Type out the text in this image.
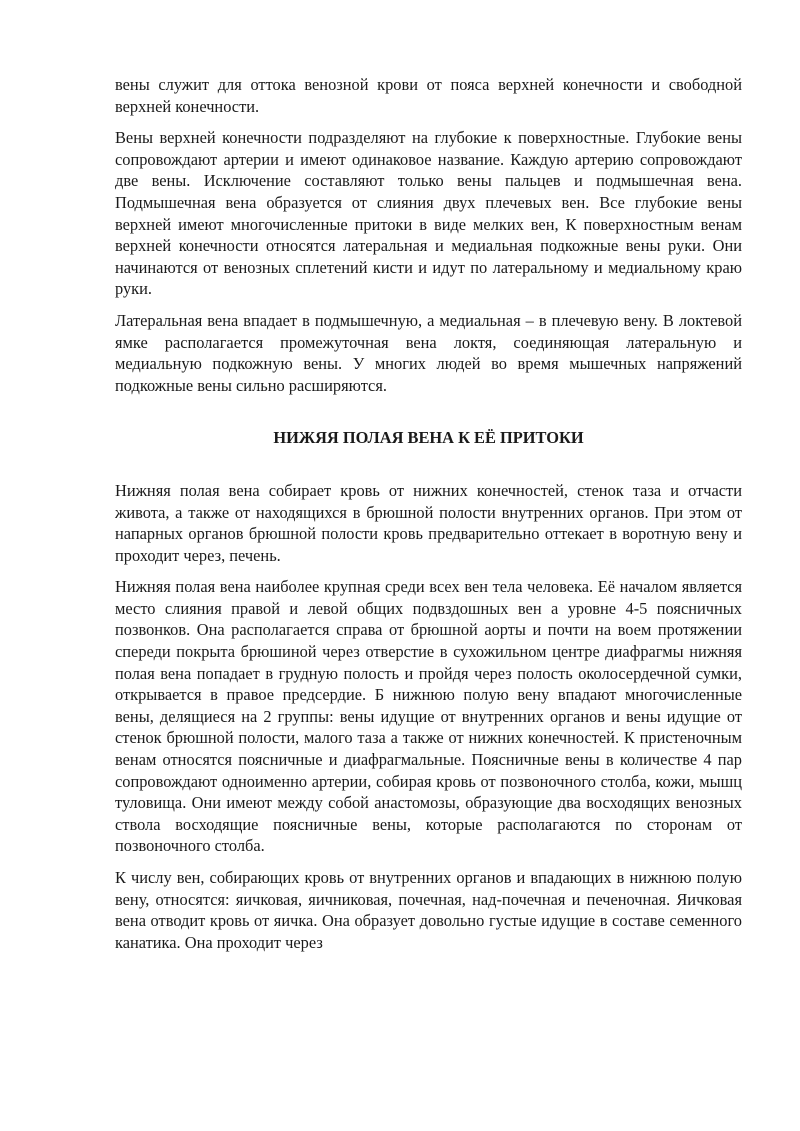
вены служит для оттока венозной крови от пояса верхней конечности и свободной верхней конечности.

Вены верхней конечности подразделяют на глубокие к поверхностные. Глубокие вены сопровождают артерии и имеют одинаковое название. Каждую артерию сопровождают две вены. Исключение составляют только вены пальцев и подмышечная вена. Подмышечная вена образуется от слияния двух плечевых вен. Все глубокие вены верхней имеют многочисленные притоки в виде мелких вен, К поверхностным венам верхней конечности относятся латеральная и медиальная подкожные вены руки. Они начинаются от венозных сплетений кисти и идут по латеральному и медиальному краю руки.

Латеральная вена впадает в подмышечную, а медиальная – в плечевую вену. В локтевой ямке располагается промежуточная вена локтя, соединяющая латеральную и медиальную подкожную вены. У многих людей во время мышечных напряжений подкожные вены сильно расширяются.

НИЖЯЯ ПОЛАЯ ВЕНА К ЕЁ ПРИТОКИ

Нижняя полая вена собирает кровь от нижних конечностей, стенок таза и отчасти живота, а также от находящихся в брюшной полости внутренних органов. При этом от напарных органов брюшной полости кровь предварительно оттекает в воротную вену и проходит через, печень.

Нижняя полая вена наиболее крупная среди всех вен тела человека. Её началом является место слияния правой и левой общих подвздошных вен а уровне 4-5 поясничных позвонков. Она располагается справа от брюшной аорты и почти на воем протяжении спереди покрыта брюшиной через отверстие в сухожильном центре диафрагмы нижняя полая вена попадает в грудную полость и пройдя через полость околосердечной сумки, открывается в правое предсердие. Б нижнюю полую вену впадают многочисленные вены, делящиеся на 2 группы: вены идущие от внутренних органов и вены идущие от стенок брюшной полости, малого таза а также от нижних конечностей. К пристеночным венам относятся поясничные и диафрагмальные. Поясничные вены в количестве 4 пар сопровождают одноименно артерии, собирая кровь от позвоночного столба, кожи, мышц туловища. Они имеют между собой анастомозы, образующие два восходящих венозных ствола восходящие поясничные вены, которые располагаются по сторонам от позвоночного столба.

К числу вен, собирающих кровь от внутренних органов и впадающих в нижнюю полую вену, относятся: яичковая, яичниковая, почечная, над-почечная и печеночная. Яичковая вена отводит кровь от яичка. Она образует довольно густые идущие в составе семенного канатика. Она проходит через
